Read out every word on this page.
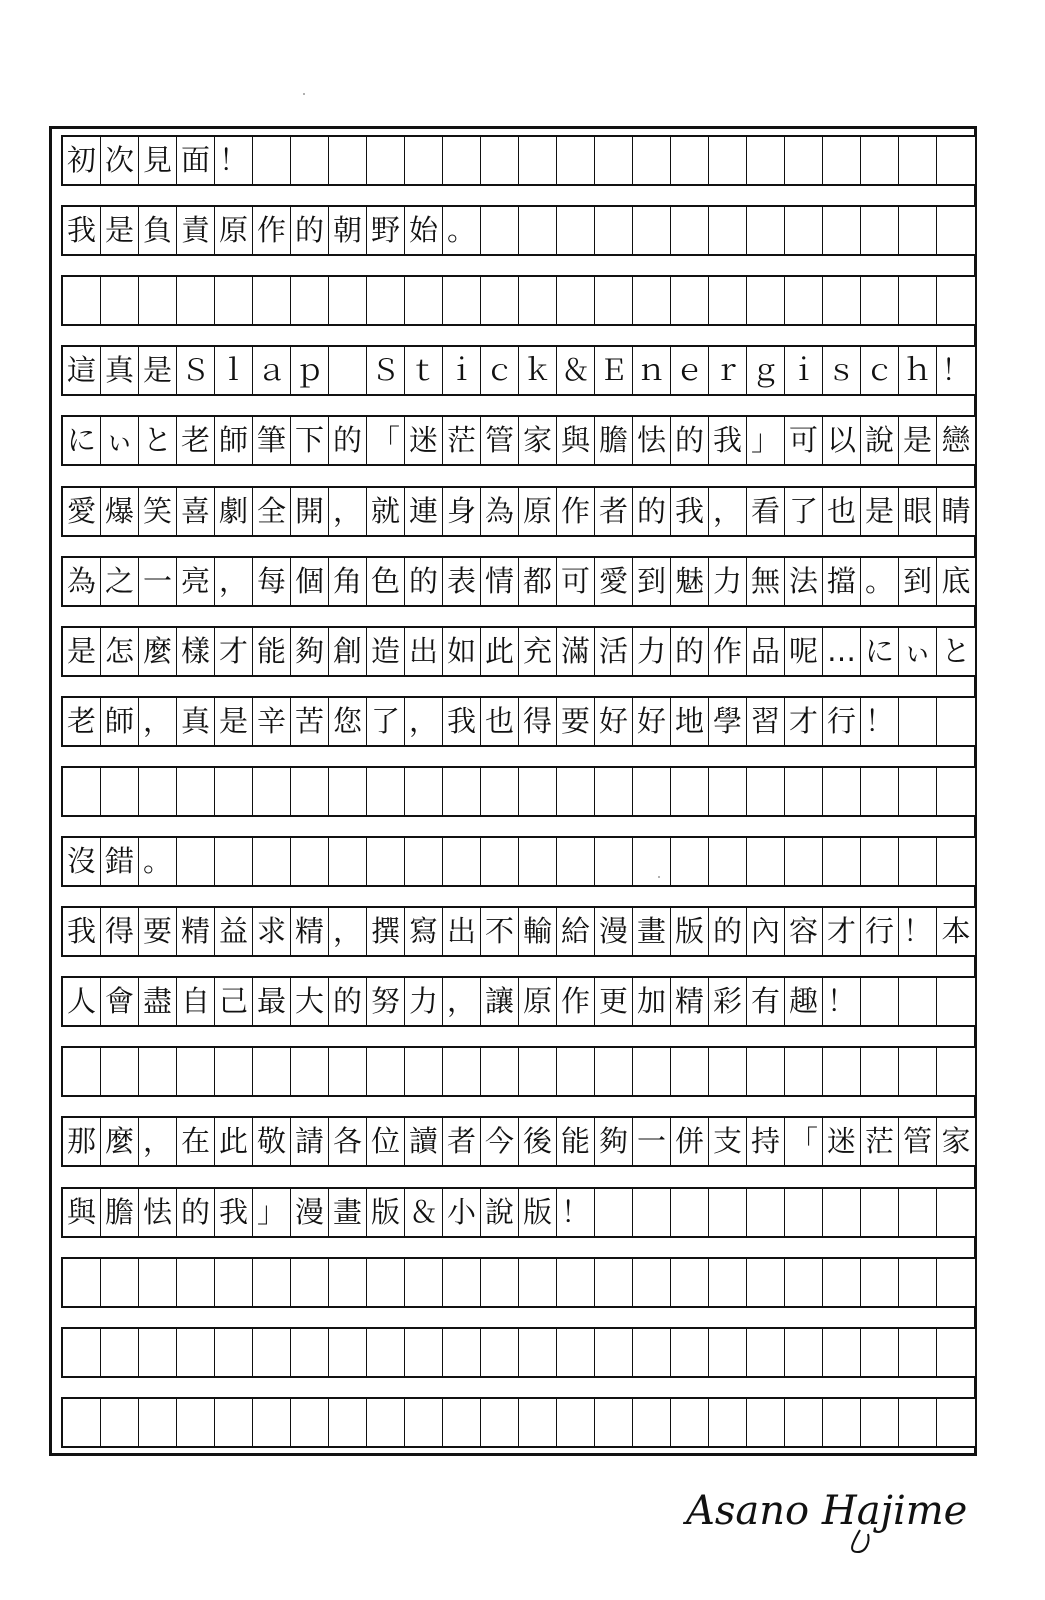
初 次 見 面 ！
我 是 負 責 原 作 的 朝 野 始 。
這 真 是 Ｓ ｌ ａ ｐ
　 Ｓ ｔ ｉ ｃ ｋ ＆ Ｅ ｎ ｅ ｒ ｇ ｉ ｓ ｃ ｈ ！
に ぃ と 老 師 筆 下 的 「 迷 茫 管 家 與 膽 怯 的 我 」 可 以 說 是 戀
愛 爆 笑 喜 劇 全 開 ， 就 連 身 為 原 作 者 的 我 ， 看 了 也 是 眼 睛
為 之 一 亮 ， 每 個 角 色 的 表 情 都 可 愛 到 魅 力 無 法 擋 。 到 底
是 怎 麼 樣 才 能 夠 創 造 出 如 此 充 滿 活 力 的 作 品 呢 … に ぃ と
老 師 ， 真 是 辛 苦 您 了 ， 我 也 得 要 好 好 地 學 習 才 行 ！
沒 錯 。
我 得 要 精 益 求 精 ， 撰 寫 出 不 輸 給 漫 畫 版 的 內 容 才 行 ！ 本
人 會 盡 自 己 最 大 的 努 力 ， 讓 原 作 更 加 精 彩 有 趣 ！
那 麼 ， 在 此 敬 請 各 位 讀 者 今 後 能 夠 一 併 支 持 「 迷 茫 管 家
與 膽 怯 的 我 」 漫 畫 版 ＆ 小 說 版 ！
Asano Hajime
